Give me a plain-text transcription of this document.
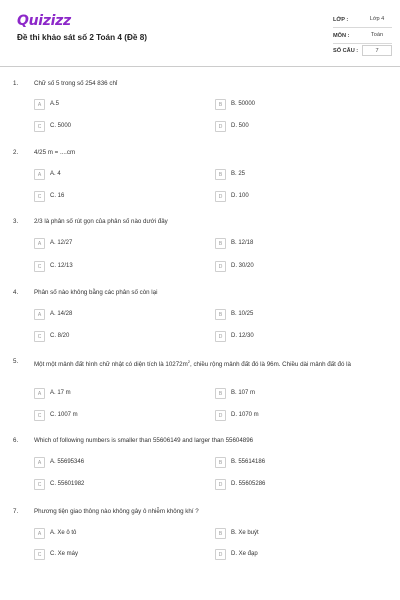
Quizizz
Đề thi khảo sát số 2 Toán 4 (Đề 8)
LỚP :	Lớp 4
MÔN :	Toán
SỐ CÂU :	7
1.	Chữ số 5 trong số 254 836 chỉ
A	A.5	B	B. 50000
C	C. 5000	D	D. 500
2.	4/25 m = ....cm
A	A. 4	B	B. 25
C	C. 16	D	D. 100
3.	2/3 là phân số rút gọn của phân số nào dưới đây
A	A. 12/27	B	B. 12/18
C	C. 12/13	D	D. 30/20
4.	Phân số nào không bằng các phân số còn lại
A	A. 14/28	B	B. 10/25
C	C. 8/20	D	D. 12/30
5.	Một một mảnh đất hình chữ nhật có diện tích là $10272m^2$, chiều rộng mảnh đất đó là 96m. Chiều dài mảnh đất đó là
A	A. 17 m	B	B. 107 m
C	C. 1007 m	D	D. 1070 m
6.	Which of following numbers is smaller than 55606149 and larger than 55604896
A	A. 55695346	B	B. 55614186
C	C. 55601982	D	D. 55605286
7.	Phương tiện giao thông nào không gây ô nhiễm không khí ?
A	A. Xe ô tô	B	B. Xe buýt
C	C. Xe máy	D	D. Xe đạp
